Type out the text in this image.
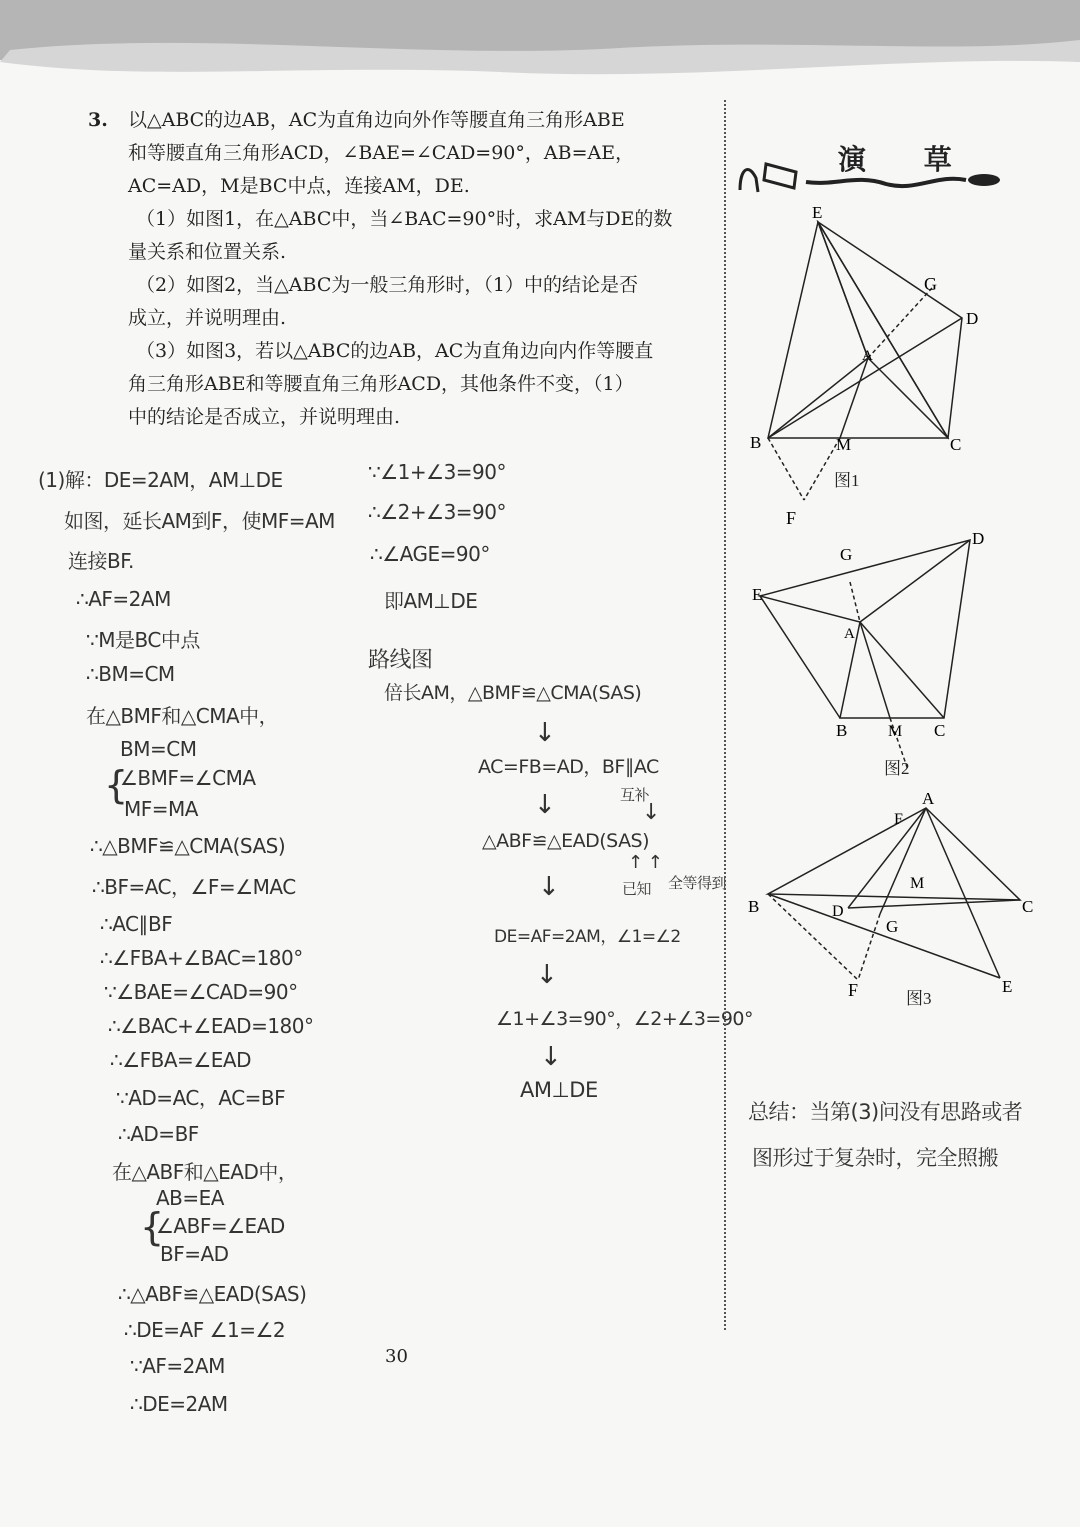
3. 以△ABC的边AB，AC为直角边向外作等腰直角三角形ABE
和等腰直角三角形ACD，∠BAE=∠CAD=90°，AB=AE，
AC=AD，M是BC中点，连接AM，DE.
（1）如图1，在△ABC中，当∠BAC=90°时，求AM与DE的数
量关系和位置关系.
（2）如图2，当△ABC为一般三角形时，（1）中的结论是否
成立，并说明理由.
（3）如图3，若以△ABC的边AB，AC为直角边向内作等腰直
角三角形ABE和等腰直角三角形ACD，其他条件不变，（1）
中的结论是否成立，并说明理由.
(1)解：DE=2AM，AM⊥DE
如图，延长AM到F，使MF=AM
连接BF.
∴AF=2AM
∵M是BC中点
∴BM=CM
在△BMF和△CMA中，
{
BM=CM
∠BMF=∠CMA
MF=MA
∴△BMF≌△CMA(SAS)
∴BF=AC，∠F=∠MAC
∴AC∥BF
∴∠FBA+∠BAC=180°
∵∠BAE=∠CAD=90°
∴∠BAC+∠EAD=180°
∴∠FBA=∠EAD
∵AD=AC，AC=BF
∴AD=BF
在△ABF和△EAD中，
{
AB=EA
∠ABF=∠EAD
BF=AD
∴△ABF≌△EAD(SAS)
∴DE=AF ∠1=∠2
∵AF=2AM
∴DE=2AM
∵∠1+∠3=90°
∴∠2+∠3=90°
∴∠AGE=90°
即AM⊥DE
路线图
倍长AM，△BMF≌△CMA(SAS)
↓
AC=FB=AD，BF∥AC
↓	互补
↓
△ABF≌△EAD(SAS)
↑ ↑
已知 全等得到
↓
DE=AF=2AM，∠1=∠2
↓
∠1+∠3=90°，∠2+∠3=90°
↓
AM⊥DE
演 草
E
D
G
A
B	M	C
F
图1
D
G
E
A
B	M C
图2
A
F
M
B	D
G
C
E
F	图3
总结：当第(3)问没有思路或者
图形过于复杂时，完全照搬
30
